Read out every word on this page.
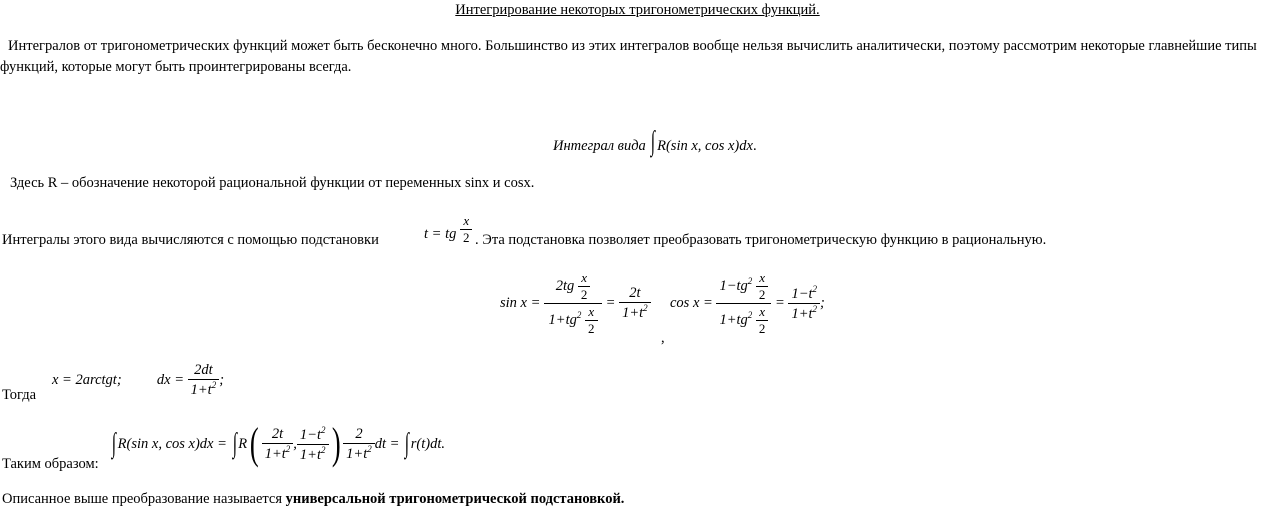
Интегрирование некоторых тригонометрических функций.
Интегралов от тригонометрических функций может быть бесконечно много. Большинство из этих интегралов вообще нельзя вычислить аналитически, поэтому рассмотрим некоторые главнейшие типы функций, которые могут быть проинтегрированы всегда.
Интеграл вида ∫ R(sin x, cos x)dx.
Здесь R – обозначение некоторой рациональной функции от переменных sinx и cosx.
Интегралы этого вида вычисляются с помощью подстановки	t = tg $\frac{x}{2}$ . Эта подстановка позволяет преобразовать тригонометрическую функцию в рациональную.
$\sin x = \frac{2tg \frac{x}{2}}{1+tg^2 \frac{x}{2}} = \frac{2t}{1+t^2}$
,
$\cos x = \frac{1-tg^2 \frac{x}{2}}{1+tg^2 \frac{x}{2}} = \frac{1-t^2}{1+t^2}$ ;
Тогда
x = 2arctgt; dx = $\frac{2dt}{1+t^2}$ ;
Таким образом:
∫ R(sin x, cos x)dx = ∫ $R( \frac{2t}{1+t^2}$ , $\frac{1-t^2}{1+t^2}$ ) $\frac{2}{1+t^2}$ dt = ∫ r(t)dt.
Описанное выше преобразование называется универсальной тригонометрической подстановкой.
